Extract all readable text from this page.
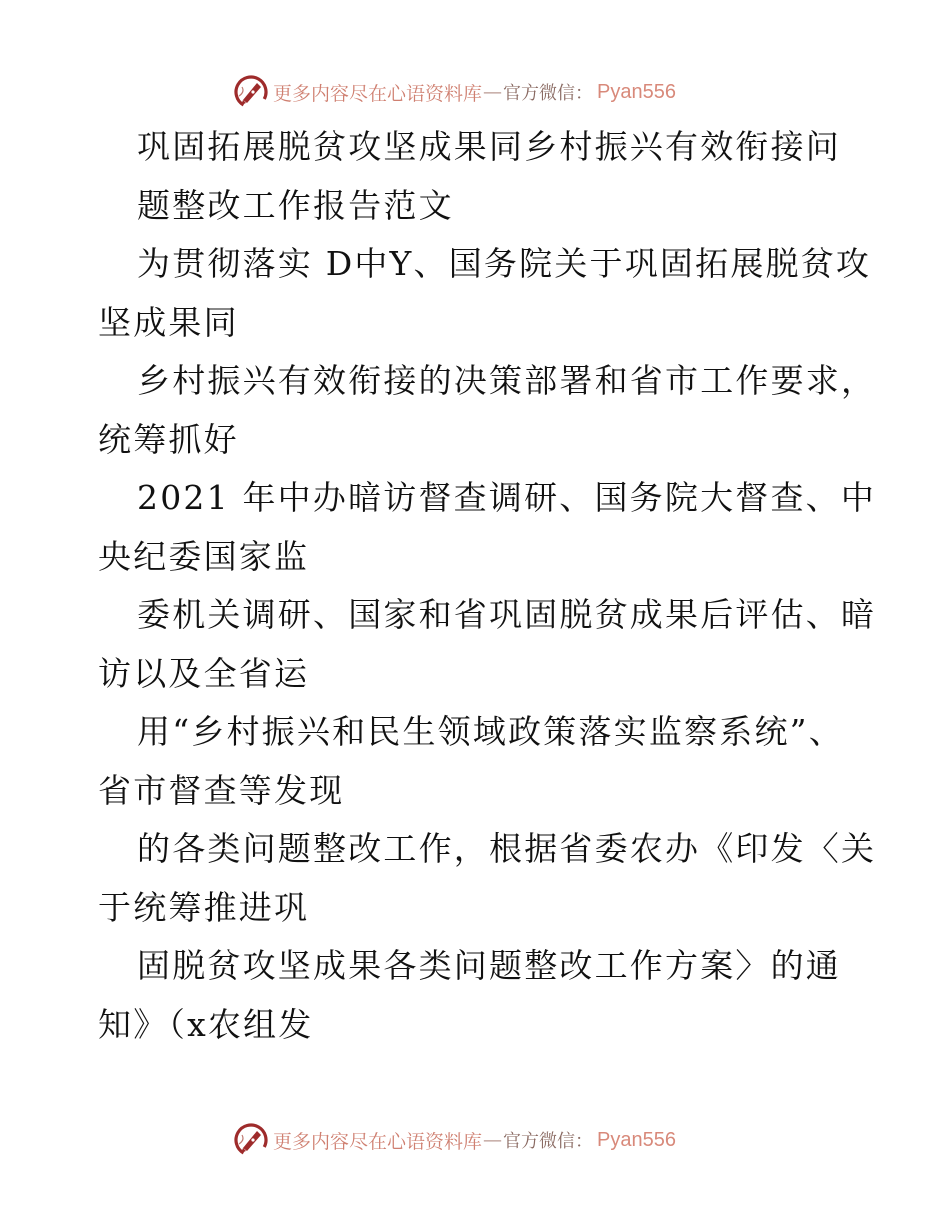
更多内容尽在心语资料库 — 官方微信： Pyan556
巩固拓展脱贫攻坚成果同乡村振兴有效衔接问
题整改工作报告范文
为贯彻落实 D中Y、国务院关于巩固拓展脱贫攻
坚成果同
乡村振兴有效衔接的决策部署和省市工作要求，
统筹抓好
2021 年中办暗访督查调研、国务院大督查、中
央纪委国家监
委机关调研、国家和省巩固脱贫成果后评估、暗
访以及全省运
用“乡村振兴和民生领域政策落实监察系统”、
省市督查等发现
的各类问题整改工作，根据省委农办《印发〈关
于统筹推进巩
固脱贫攻坚成果各类问题整改工作方案〉的通
知》（x农组发
更多内容尽在心语资料库 — 官方微信： Pyan556
